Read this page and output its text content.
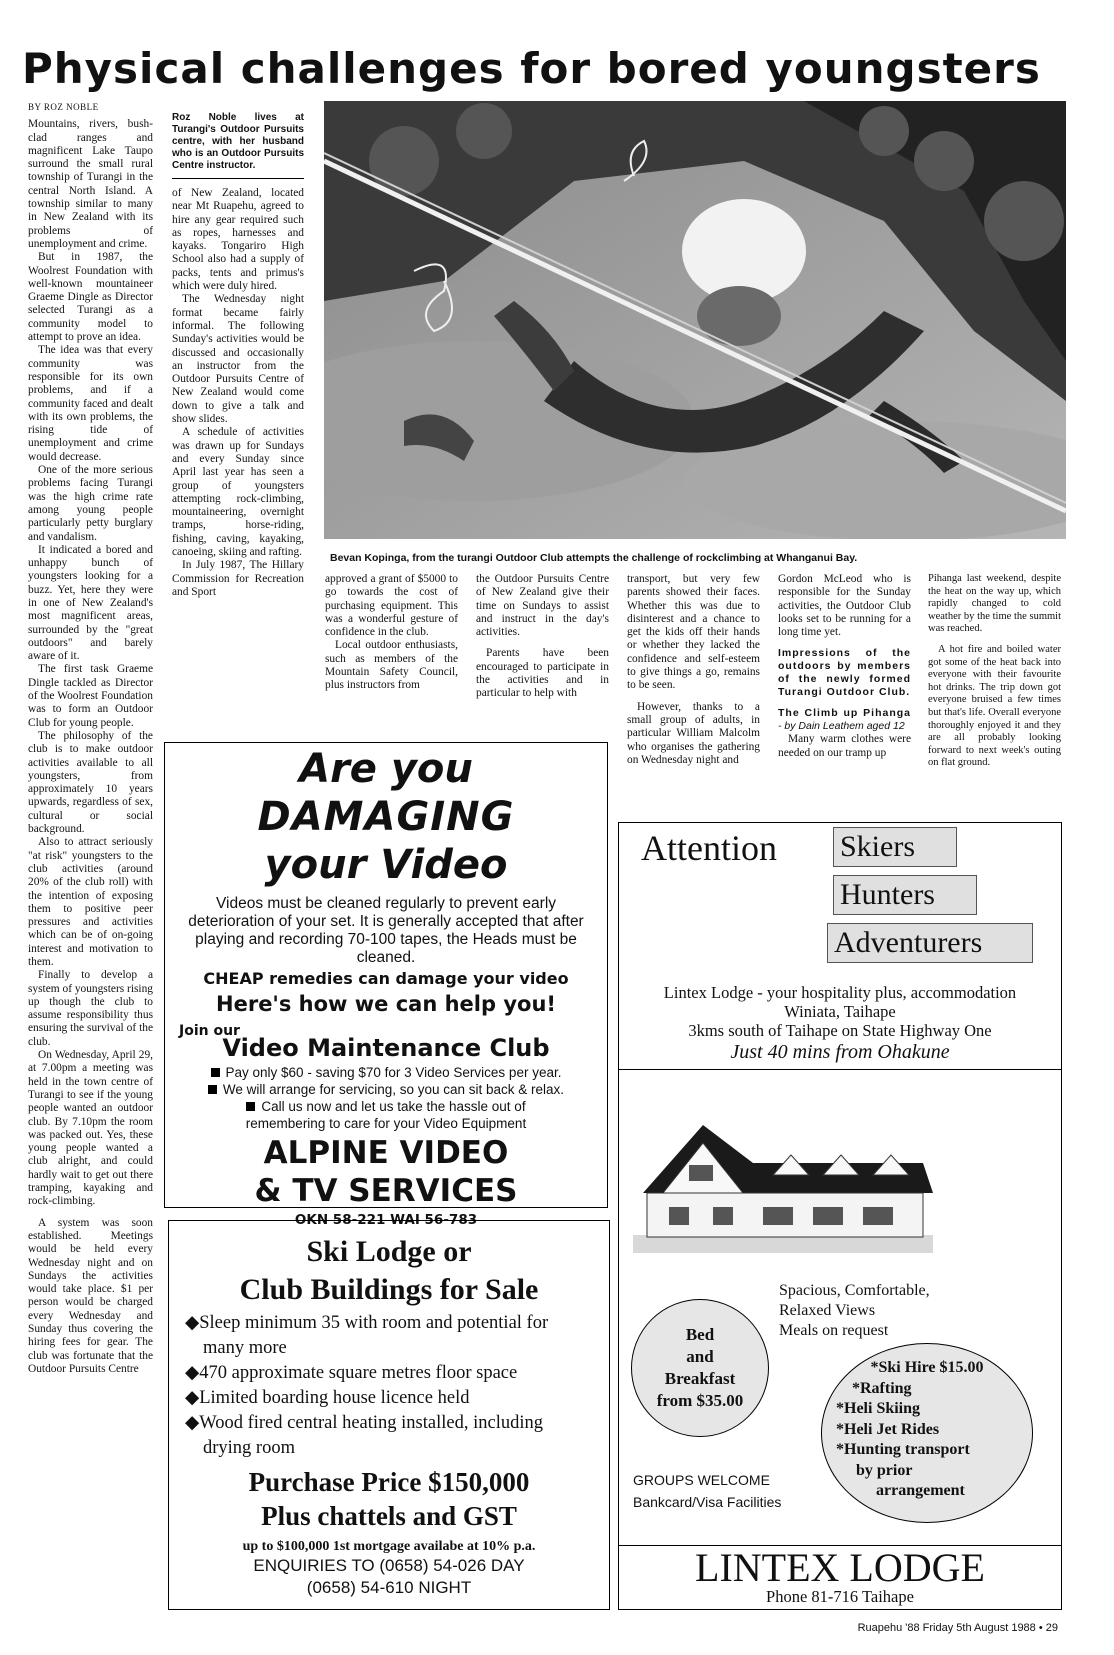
Physical challenges for bored youngsters
BY ROZ NOBLE

Mountains, rivers, bush-clad ranges and magnificent Lake Taupo surround the small rural township of Turangi in the central North Island. A township similar to many in New Zealand with its problems of unemployment and crime.

But in 1987, the Woolrest Foundation with well-known mountaineer Graeme Dingle as Director selected Turangi as a community model to attempt to prove an idea.

The idea was that every community was responsible for its own problems, and if a community faced and dealt with its own problems, the rising tide of unemployment and crime would decrease.

One of the more serious problems facing Turangi was the high crime rate among young people particularly petty burglary and vandalism.

It indicated a bored and unhappy bunch of youngsters looking for a buzz. Yet, here they were in one of New Zealand's most magnificent areas, surrounded by the "great outdoors" and barely aware of it.

The first task Graeme Dingle tackled as Director of the Woolrest Foundation was to form an Outdoor Club for young people.

The philosophy of the club is to make outdoor activities available to all youngsters, from approximately 10 years upwards, regardless of sex, cultural or social background.

Also to attract seriously "at risk" youngsters to the club activities (around 20% of the club roll) with the intention of exposing them to positive peer pressures and activities which can be of on-going interest and motivation to them.

Finally to develop a system of youngsters rising up though the club to assume responsibility thus ensuring the survival of the club.

On Wednesday, April 29, at 7.00pm a meeting was held in the town centre of Turangi to see if the young people wanted an outdoor club. By 7.10pm the room was packed out. Yes, these young people wanted a club alright, and could hardly wait to get out there tramping, kayaking and rock-climbing.

A system was soon established. Meetings would be held every Wednesday night and on Sundays the activities would take place. $1 per person would be charged every Wednesday and Sunday thus covering the hiring fees for gear. The club was fortunate that the Outdoor Pursuits Centre

Roz Noble lives at Turangi's Outdoor Pursuits centre, with her husband who is an Outdoor Pursuits Centre instructor.

of New Zealand, located near Mt Ruapehu, agreed to hire any gear required such as ropes, harnesses and kayaks. Tongariro High School also had a supply of packs, tents and primus's which were duly hired.

The Wednesday night format became fairly informal. The following Sunday's activities would be discussed and occasionally an instructor from the Outdoor Pursuits Centre of New Zealand would come down to give a talk and show slides.

A schedule of activities was drawn up for Sundays and every Sunday since April last year has seen a group of youngsters attempting rock-climbing, mountaineering, overnight tramps, horse-riding, fishing, caving, kayaking, canoeing, skiing and rafting.

In July 1987, The Hillary Commission for Recreation and Sport

Bevan Kopinga, from the turangi Outdoor Club attempts the challenge of rockclimbing at Whanganui Bay.

approved a grant of $5000 to go towards the cost of purchasing equipment. This was a wonderful gesture of confidence in the club.

Local outdoor enthusiasts, such as members of the Mountain Safety Council, plus instructors from

the Outdoor Pursuits Centre of New Zealand give their time on Sundays to assist and instruct in the day's activities.

Parents have been encouraged to participate in the activities and in particular to help with

transport, but very few parents showed their faces. Whether this was due to disinterest and a chance to get the kids off their hands or whether they lacked the confidence and self-esteem to give things a go, remains to be seen.

However, thanks to a small group of adults, in particular William Malcolm who organises the gathering on Wednesday night and

Gordon McLeod who is responsible for the Sunday activities, the Outdoor Club looks set to be running for a long time yet.

Impressions of the outdoors by members of the newly formed Turangi Outdoor Club.

The Climb up Pihanga - by Dain Leathem aged 12

Many warm clothes were needed on our tramp up

Pihanga last weekend, despite the heat on the way up, which rapidly changed to cold weather by the time the summit was reached.

A hot fire and boiled water got some of the heat back into everyone with their favourite hot drinks. The trip down got everyone bruised a few times but that's life. Overall everyone thoroughly enjoyed it and they are all probably looking forward to next week's outing on flat ground.

Are you
DAMAGING
your Video
Videos must be cleaned regularly to prevent early deterioration of your set. It is generally accepted that after playing and recording 70-100 tapes, the Heads must be cleaned.
CHEAP remedies can damage your video
Here's how we can help you!
Join our
Video Maintenance Club
Pay only $60 - saving $70 for 3 Video Services per year.
We will arrange for servicing, so you can sit back & relax.
Call us now and let us take the hassle out of
remembering to care for your Video Equipment
ALPINE VIDEO
& TV SERVICES
OKN 58-221 WAI 56-783
Ski Lodge or
Club Buildings for Sale
◆Sleep minimum 35 with room and potential for
many more
◆470 approximate square metres floor space
◆Limited boarding house licence held
◆Wood fired central heating installed, including
drying room
Purchase Price $150,000
Plus chattels and GST
up to $100,000 1st mortgage availabe at 10% p.a.
ENQUIRIES TO (0658) 54-026 DAY
(0658) 54-610 NIGHT
Attention Skiers
Hunters
Adventurers
Lintex Lodge - your hospitality plus, accommodation
Winiata, Taihape
3kms south of Taihape on State Highway One
Just 40 mins from Ohakune
Spacious, Comfortable,
Relaxed Views
Meals on request
Bed
and
Breakfast
from $35.00
*Ski Hire $15.00
*Rafting
*Heli Skiing
*Heli Jet Rides
*Hunting transport
by prior
arrangement
GROUPS WELCOME
Bankcard/Visa Facilities
LINTEX LODGE
Phone 81-716 Taihape
Ruapehu '88 Friday 5th August 1988 • 29
